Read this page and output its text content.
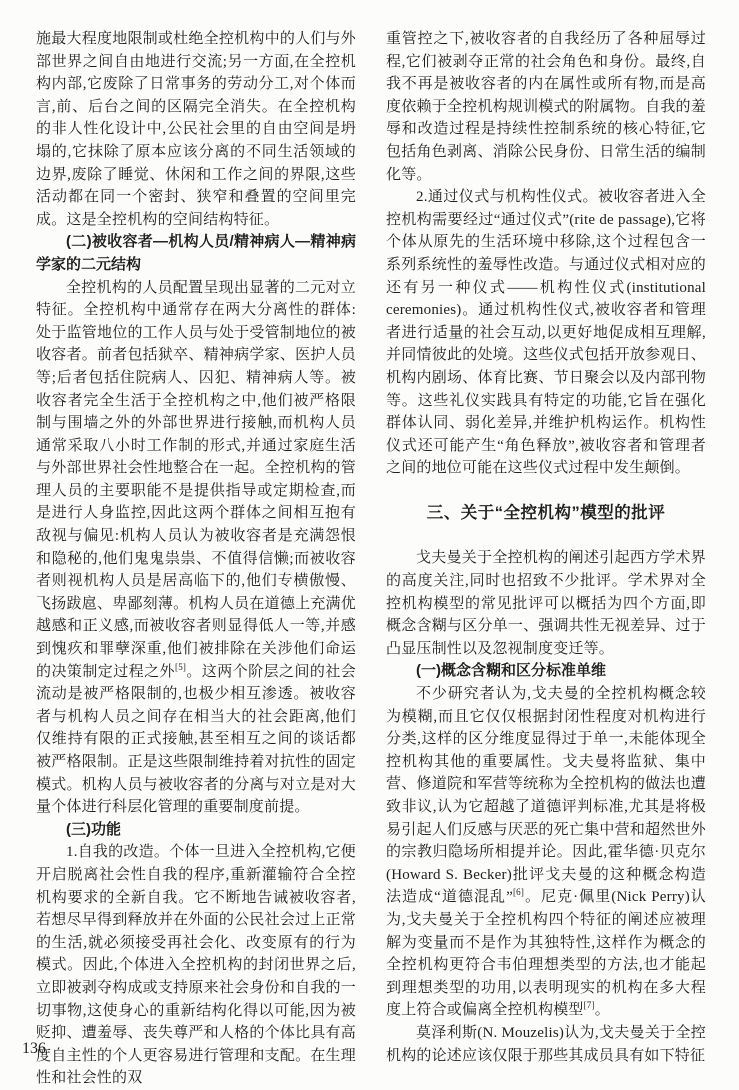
施最大程度地限制或杜绝全控机构中的人们与外部世界之间自由地进行交流;另一方面,在全控机构内部,它废除了日常事务的劳动分工,对个体而言,前、后台之间的区隔完全消失。在全控机构的非人性化设计中,公民社会里的自由空间是坍塌的,它抹除了原本应该分离的不同生活领域的边界,废除了睡觉、休闲和工作之间的界限,这些活动都在同一个密封、狭窄和叠置的空间里完成。这是全控机构的空间结构特征。

(二)被收容者—机构人员/精神病人—精神病学家的二元结构

全控机构的人员配置呈现出显著的二元对立特征。全控机构中通常存在两大分离性的群体:处于监管地位的工作人员与处于受管制地位的被收容者。前者包括狱卒、精神病学家、医护人员等;后者包括住院病人、囚犯、精神病人等。被收容者完全生活于全控机构之中,他们被严格限制与围墙之外的外部世界进行接触,而机构人员通常采取八小时工作制的形式,并通过家庭生活与外部世界社会性地整合在一起。全控机构的管理人员的主要职能不是提供指导或定期检查,而是进行人身监控,因此这两个群体之间相互抱有敌视与偏见:机构人员认为被收容者是充满怨恨和隐秘的,他们鬼鬼祟祟、不值得信懒;而被收容者则视机构人员是居高临下的,他们专横傲慢、飞扬跋扈、卑鄙刻薄。机构人员在道德上充满优越感和正义感,而被收容者则显得低人一等,并感到愧疚和罪孽深重,他们被排除在关涉他们命运的决策制定过程之外[5]。这两个阶层之间的社会流动是被严格限制的,也极少相互渗透。被收容者与机构人员之间存在相当大的社会距离,他们仅维持有限的正式接触,甚至相互之间的谈话都被严格限制。正是这些限制维持着对抗性的固定模式。机构人员与被收容者的分离与对立是对大量个体进行科层化管理的重要制度前提。

(三)功能

1.自我的改造。个体一旦进入全控机构,它便开启脱离社会性自我的程序,重新灌输符合全控机构要求的全新自我。它不断地告诫被收容者,若想尽早得到释放并在外面的公民社会过上正常的生活,就必须接受再社会化、改变原有的行为模式。因此,个体进入全控机构的封闭世界之后,立即被剥夺构成或支持原来社会身份和自我的一切事物,这使身心的重新结构化得以可能,因为被贬抑、遭羞辱、丧失尊严和人格的个体比具有高度自主性的个人更容易进行管理和支配。在生理性和社会性的双

重管控之下,被收容者的自我经历了各种屈辱过程,它们被剥夺正常的社会角色和身份。最终,自我不再是被收容者的内在属性或所有物,而是高度依赖于全控机构规训模式的附属物。自我的羞辱和改造过程是持续性控制系统的核心特征,它包括角色剥离、消除公民身份、日常生活的编制化等。

2.通过仪式与机构性仪式。被收容者进入全控机构需要经过“通过仪式”(rite de passage),它将个体从原先的生活环境中移除,这个过程包含一系列系统性的羞辱性改造。与通过仪式相对应的还有另一种仪式——机构性仪式(institutional ceremonies)。通过机构性仪式,被收容者和管理者进行适量的社会互动,以更好地促成相互理解,并同情彼此的处境。这些仪式包括开放参观日、机构内剧场、体育比赛、节日聚会以及内部刊物等。这些礼仪实践具有特定的功能,它旨在强化群体认同、弱化差异,并维护机构运作。机构性仪式还可能产生“角色释放”,被收容者和管理者之间的地位可能在这些仪式过程中发生颠倒。

三、关于“全控机构”模型的批评

戈夫曼关于全控机构的阐述引起西方学术界的高度关注,同时也招致不少批评。学术界对全控机构模型的常见批评可以概括为四个方面,即概念含糊与区分单一、强调共性无视差异、过于凸显压制性以及忽视制度变迁等。

(一)概念含糊和区分标准单维

不少研究者认为,戈夫曼的全控机构概念较为模糊,而且它仅仅根据封闭性程度对机构进行分类,这样的区分维度显得过于单一,未能体现全控机构其他的重要属性。戈夫曼将监狱、集中营、修道院和军营等统称为全控机构的做法也遭致非议,认为它超越了道德评判标准,尤其是将极易引起人们反感与厌恶的死亡集中营和超然世外的宗教归隐场所相提并论。因此,霍华德·贝克尔(Howard S. Becker)批评戈夫曼的这种概念构造法造成“道德混乱”[6]。尼克·佩里(Nick Perry)认为,戈夫曼关于全控机构四个特征的阐述应被理解为变量而不是作为其独特性,这样作为概念的全控机构更符合韦伯理想类型的方法,也才能起到理想类型的功用,以表明现实的机构在多大程度上符合或偏离全控机构模型[7]。

莫泽利斯(N. Mouzelis)认为,戈夫曼关于全控机构的论述应该仅限于那些其成员具有如下特征

136
